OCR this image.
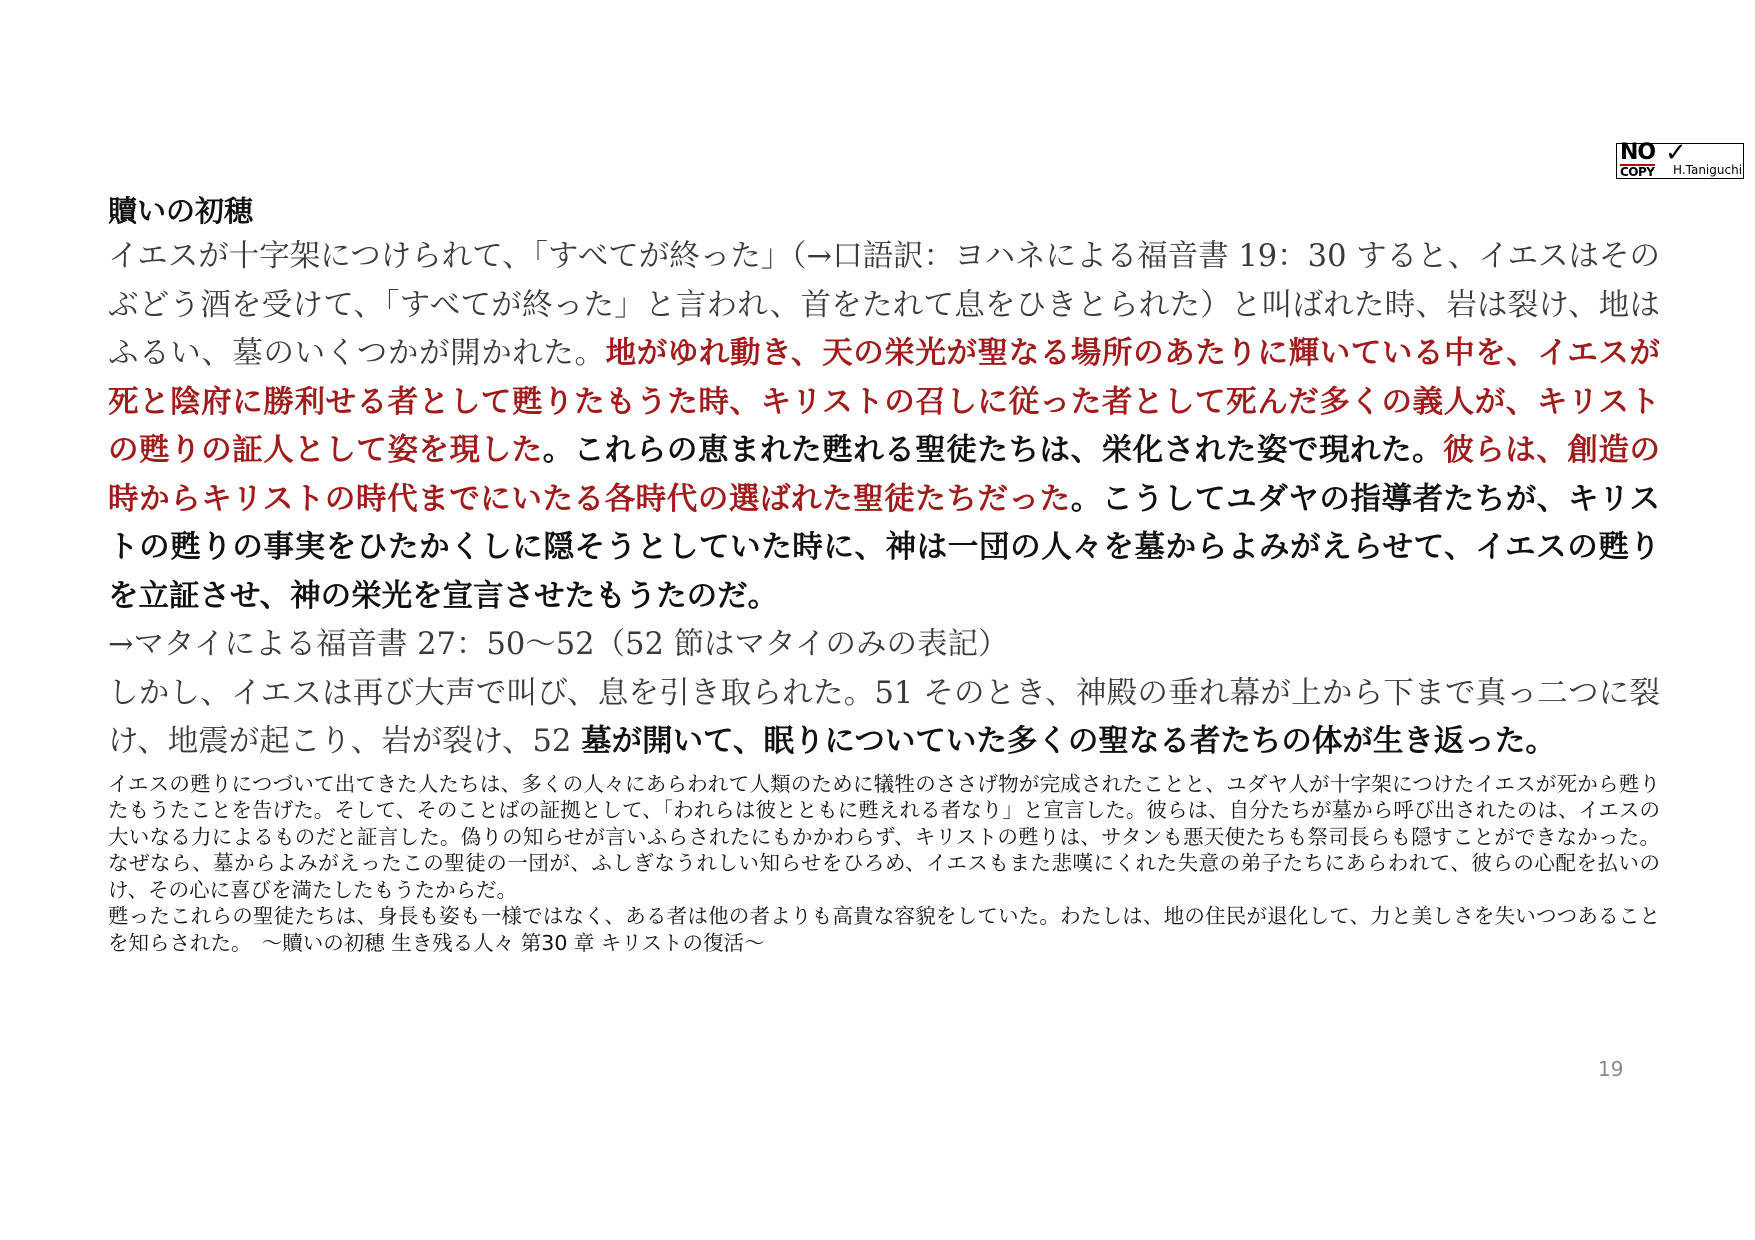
NO ✓
COPY H.Taniguchi
贖いの初穂

イエスが十字架につけられて、「すべてが終った」（→口語訳：ヨハネによる福音書 19：30 すると、イエスはそのぶどう酒を受けて、「すべてが終った」と言われ、首をたれて息をひきとられた）と叫ばれた時、岩は裂け、地はふるい、墓のいくつかが開かれた。地がゆれ動き、天の栄光が聖なる場所のあたりに輝いている中を、イエスが死と陰府に勝利せる者として甦りたもうた時、キリストの召しに従った者として死んだ多くの義人が、キリストの甦りの証人として姿を現した。これらの恵まれた甦れる聖徒たちは、栄化された姿で現れた。彼らは、創造の時からキリストの時代までにいたる各時代の選ばれた聖徒たちだった。こうしてユダヤの指導者たちが、キリストの甦りの事実をひたかくしに隠そうとしていた時に、神は一団の人々を墓からよみがえらせて、イエスの甦りを立証させ、神の栄光を宣言させたもうたのだ。

→マタイによる福音書 27：50〜52（52 節はマタイのみの表記）
しかし、イエスは再び大声で叫び、息を引き取られた。51 そのとき、神殿の垂れ幕が上から下まで真っ二つに裂け、地震が起こり、岩が裂け、52 墓が開いて、眠りについていた多くの聖なる者たちの体が生き返った。

イエスの甦りにつづいて出てきた人たちは、多くの人々にあらわれて人類のために犠牲のささげ物が完成されたことと、ユダヤ人が十字架につけたイエスが死から甦りたもうたことを告げた。そして、そのことばの証拠として、「われらは彼とともに甦えれる者なり」と宣言した。彼らは、自分たちが墓から呼び出されたのは、イエスの大いなる力によるものだと証言した。偽りの知らせが言いふらされたにもかかわらず、キリストの甦りは、サタンも悪天使たちも祭司長らも隠すことができなかった。なぜなら、墓からよみがえったこの聖徒の一団が、ふしぎなうれしい知らせをひろめ、イエスもまた悲嘆にくれた失意の弟子たちにあらわれて、彼らの心配を払いのけ、その心に喜びを満たしたもうたからだ。

甦ったこれらの聖徒たちは、身長も姿も一様ではなく、ある者は他の者よりも高貴な容貌をしていた。わたしは、地の住民が退化して、力と美しさを失いつつあることを知らされた。　～贖いの初穂 生き残る人々 第30 章 キリストの復活～

19
